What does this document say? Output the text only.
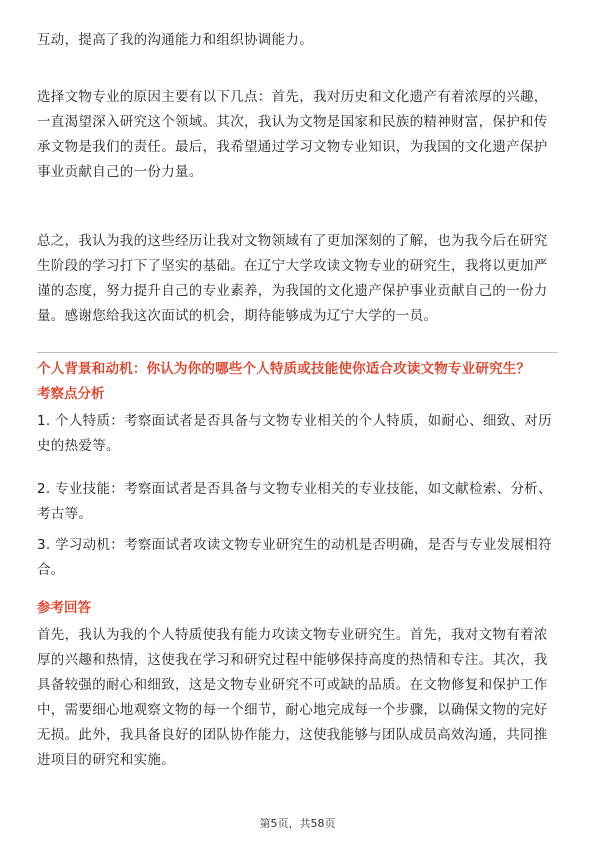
互动，提高了我的沟通能力和组织协调能力。

选择文物专业的原因主要有以下几点：首先，我对历史和文化遗产有着浓厚的兴趣，一直渴望深入研究这个领域。其次，我认为文物是国家和民族的精神财富，保护和传承文物是我们的责任。最后，我希望通过学习文物专业知识，为我国的文化遗产保护事业贡献自己的一份力量。

总之，我认为我的这些经历让我对文物领域有了更加深刻的了解，也为我今后在研究生阶段的学习打下了坚实的基础。在辽宁大学攻读文物专业的研究生，我将以更加严谨的态度，努力提升自己的专业素养，为我国的文化遗产保护事业贡献自己的一份力量。感谢您给我这次面试的机会，期待能够成为辽宁大学的一员。

个人背景和动机：你认为你的哪些个人特质或技能使你适合攻读文物专业研究生？

考察点分析

1. 个人特质：考察面试者是否具备与文物专业相关的个人特质，如耐心、细致、对历史的热爱等。

2. 专业技能：考察面试者是否具备与文物专业相关的专业技能，如文献检索、分析、考古等。

3. 学习动机：考察面试者攻读文物专业研究生的动机是否明确，是否与专业发展相符合。

参考回答

首先，我认为我的个人特质使我有能力攻读文物专业研究生。首先，我对文物有着浓厚的兴趣和热情，这使我在学习和研究过程中能够保持高度的热情和专注。其次，我具备较强的耐心和细致，这是文物专业研究不可或缺的品质。在文物修复和保护工作中，需要细心地观察文物的每一个细节，耐心地完成每一个步骤，以确保文物的完好无损。此外，我具备良好的团队协作能力，这使我能够与团队成员高效沟通，共同推进项目的研究和实施。

第5页，共58页
